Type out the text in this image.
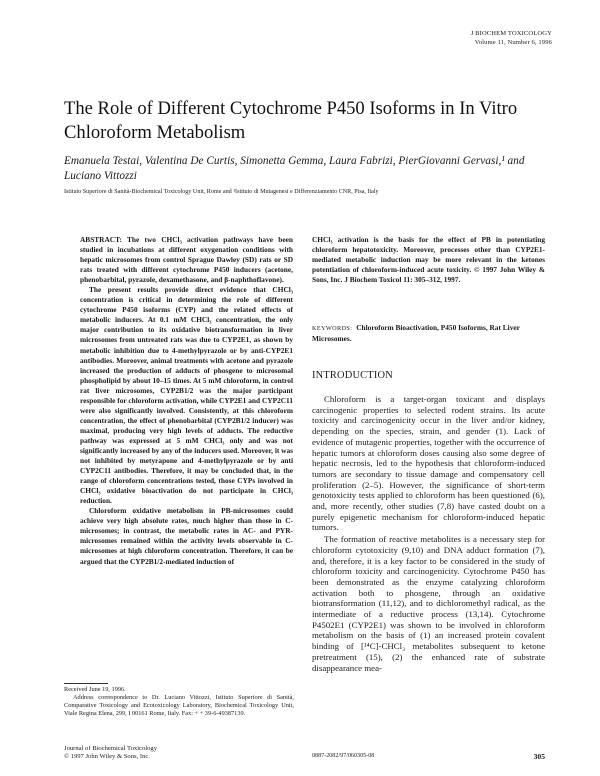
J BIOCHEM TOXICOLOGY
Volume 11, Number 6, 1996
The Role of Different Cytochrome P450 Isoforms in In Vitro Chloroform Metabolism
Emanuela Testai, Valentina De Curtis, Simonetta Gemma, Laura Fabrizi, PierGiovanni Gervasi,¹ and Luciano Vittozzi
Istituto Superiore di Sanità-Biochemical Toxicology Unit, Rome and ¹Istituto di Mutagenesi e Differenziamento CNR, Pisa, Italy

ABSTRACT: The two CHCl₃ activation pathways have been studied in incubations at different oxygenation conditions with hepatic microsomes from control Sprague Dawley (SD) rats or SD rats treated with different cytochrome P450 inducers (acetone, phenobarbital, pyrazole, dexamethasone, and β-naphthoflavone).

The present results provide direct evidence that CHCl₃ concentration is critical in determining the role of different cytochrome P450 isoforms (CYP) and the related effects of metabolic inducers. At 0.1 mM CHCl₃ concentration, the only major contribution to its oxidative biotransformation in liver microsomes from untreated rats was due to CYP2E1, as shown by metabolic inhibition due to 4-methylpyrazole or by anti-CYP2E1 antibodies. Moreover, animal treatments with acetone and pyrazole increased the production of adducts of phosgene to microsomal phospholipid by about 10–15 times. At 5 mM chloroform, in control rat liver microsomes, CYP2B1/2 was the major participant responsible for chloroform activation, while CYP2E1 and CYP2C11 were also significantly involved. Consistently, at this chloroform concentration, the effect of phenobarbital (CYP2B1/2 inducer) was maximal, producing very high levels of adducts. The reductive pathway was expressed at 5 mM CHCl₃ only and was not significantly increased by any of the inducers used. Moreover, it was not inhibited by metyrapone and 4-methylpyrazole or by anti CYP2C11 antibodies. Therefore, it may be concluded that, in the range of chloroform concentrations tested, those CYPs involved in CHCl₃ oxidative bioactivation do not participate in CHCl₃ reduction.

Chloroform oxidative metabolism in PB-microsomes could achieve very high absolute rates, much higher than those in C-microsomes; in contrast, the metabolic rates in AC- and PYR-microsomes remained within the activity levels observable in C-microsomes at high chloroform concentration. Therefore, it can be argued that the CYP2B1/2-mediated induction of

CHCl₃ activation is the basis for the effect of PB in potentiating chloroform hepatotoxicity. Moreover, processes other than CYP2E1-mediated metabolic induction may be more relevant in the ketones potentiation of chloroform-induced acute toxicity. © 1997 John Wiley & Sons, Inc. J Biochem Toxicol 11: 305–312, 1997.

KEYWORDS: Chloroform Bioactivation, P450 Isoforms, Rat Liver Microsomes.
INTRODUCTION

Chloroform is a target-organ toxicant and displays carcinogenic properties to selected rodent strains. Its acute toxicity and carcinogenicity occur in the liver and/or kidney, depending on the species, strain, and gender (1). Lack of evidence of mutagenic properties, together with the occurrence of hepatic tumors at chloroform doses causing also some degree of hepatic necrosis, led to the hypothesis that chloroform-induced tumors are secondary to tissue damage and compensatory cell proliferation (2–5). However, the significance of short-term genotoxicity tests applied to chloroform has been questioned (6), and, more recently, other studies (7,8) have casted doubt on a purely epigenetic mechanism for chloroform-induced hepatic tumors.

The formation of reactive metabolites is a necessary step for chloroform cytotoxicity (9,10) and DNA adduct formation (7), and, therefore, it is a key factor to be considered in the study of chloroform toxicity and carcinogenicity. Cytochrome P450 has been demonstrated as the enzyme catalyzing chloroform activation both to phosgene, through an oxidative biotransformation (11,12), and to dichloromethyl radical, as the intermediate of a reductive process (13,14). Cytochrome P4502E1 (CYP2E1) was shown to be involved in chloroform metabolism on the basis of (1) an increased protein covalent binding of [¹⁴C]-CHCl₃ metabolites subsequent to ketone pretreatment (15), (2) the enhanced rate of substrate disappearance mea-

Received June 19, 1996.

Address correspondence to Dr. Luciano Vittozzi, Istituto Superiore di Sanità, Comparative Toxicology and Ecotoxicology Laboratory, Biochemical Toxicology Unit, Viale Regina Elena, 299, I 00161 Rome, Italy. Fax: + + 39-6-49387139.

Journal of Biochemical Toxicology
© 1997 John Wiley & Sons, Inc.	0887-2082/97/060305-08	305
